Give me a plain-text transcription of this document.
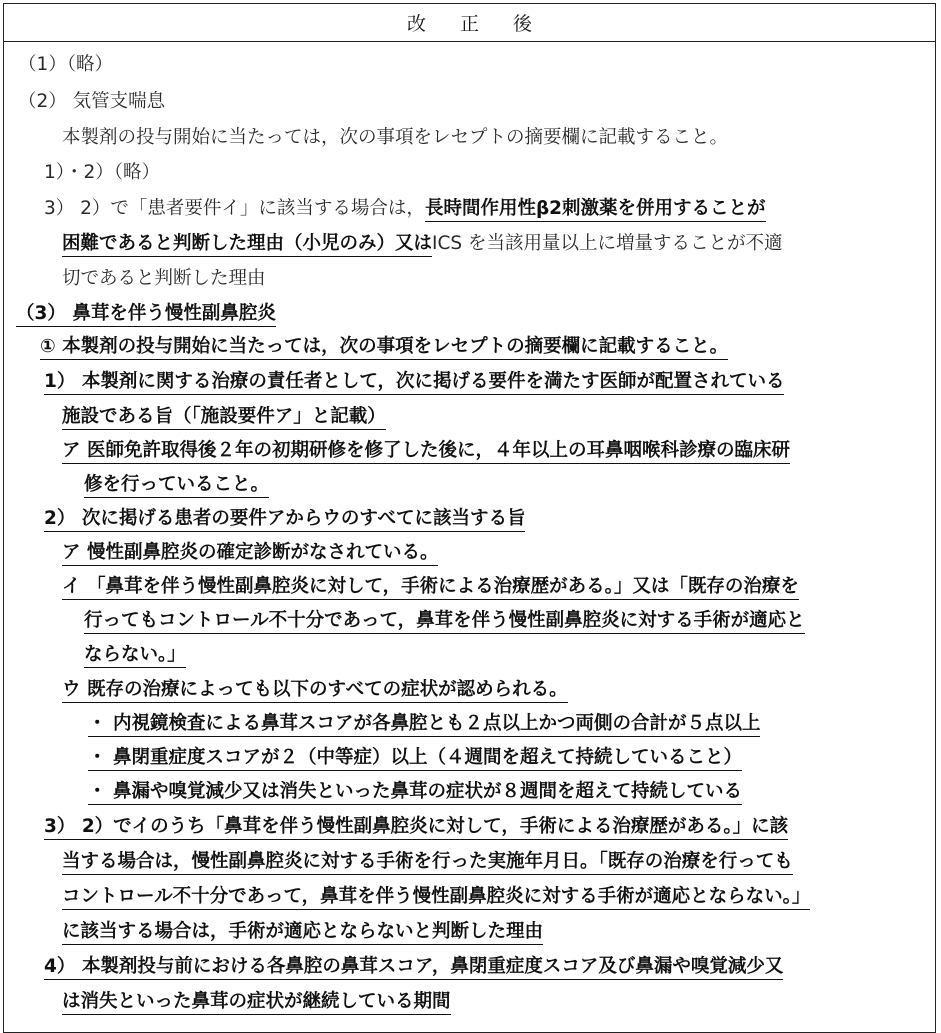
改 正 後
（1）（略）
（2） 気管支喘息
本製剤の投与開始に当たっては，次の事項をレセプトの摘要欄に記載すること。
1）・2）（略）
3） 2）で「患者要件イ」に該当する場合は，長時間作用性β2刺激薬を併用することが
困難であると判断した理由（小児のみ）又はICS を当該用量以上に増量することが不適
切であると判断した理由
（3） 鼻茸を伴う慢性副鼻腔炎
① 本製剤の投与開始に当たっては，次の事項をレセプトの摘要欄に記載すること。
1） 本製剤に関する治療の責任者として，次に掲げる要件を満たす医師が配置されている
施設である旨（「施設要件ア」と記載）
ア 医師免許取得後２年の初期研修を修了した後に，４年以上の耳鼻咽喉科診療の臨床研
修を行っていること。
2） 次に掲げる患者の要件アからウのすべてに該当する旨
ア 慢性副鼻腔炎の確定診断がなされている。
イ 「鼻茸を伴う慢性副鼻腔炎に対して，手術による治療歴がある。」又は「既存の治療を
行ってもコントロール不十分であって，鼻茸を伴う慢性副鼻腔炎に対する手術が適応と
ならない。」
ウ 既存の治療によっても以下のすべての症状が認められる。
・ 内視鏡検査による鼻茸スコアが各鼻腔とも２点以上かつ両側の合計が５点以上
・ 鼻閉重症度スコアが２（中等症）以上（４週間を超えて持続していること）
・ 鼻漏や嗅覚減少又は消失といった鼻茸の症状が８週間を超えて持続している
3） 2）でイのうち「鼻茸を伴う慢性副鼻腔炎に対して，手術による治療歴がある。」に該
当する場合は，慢性副鼻腔炎に対する手術を行った実施年月日。「既存の治療を行っても
コントロール不十分であって，鼻茸を伴う慢性副鼻腔炎に対する手術が適応とならない。」
に該当する場合は，手術が適応とならないと判断した理由
4） 本製剤投与前における各鼻腔の鼻茸スコア，鼻閉重症度スコア及び鼻漏や嗅覚減少又
は消失といった鼻茸の症状が継続している期間
